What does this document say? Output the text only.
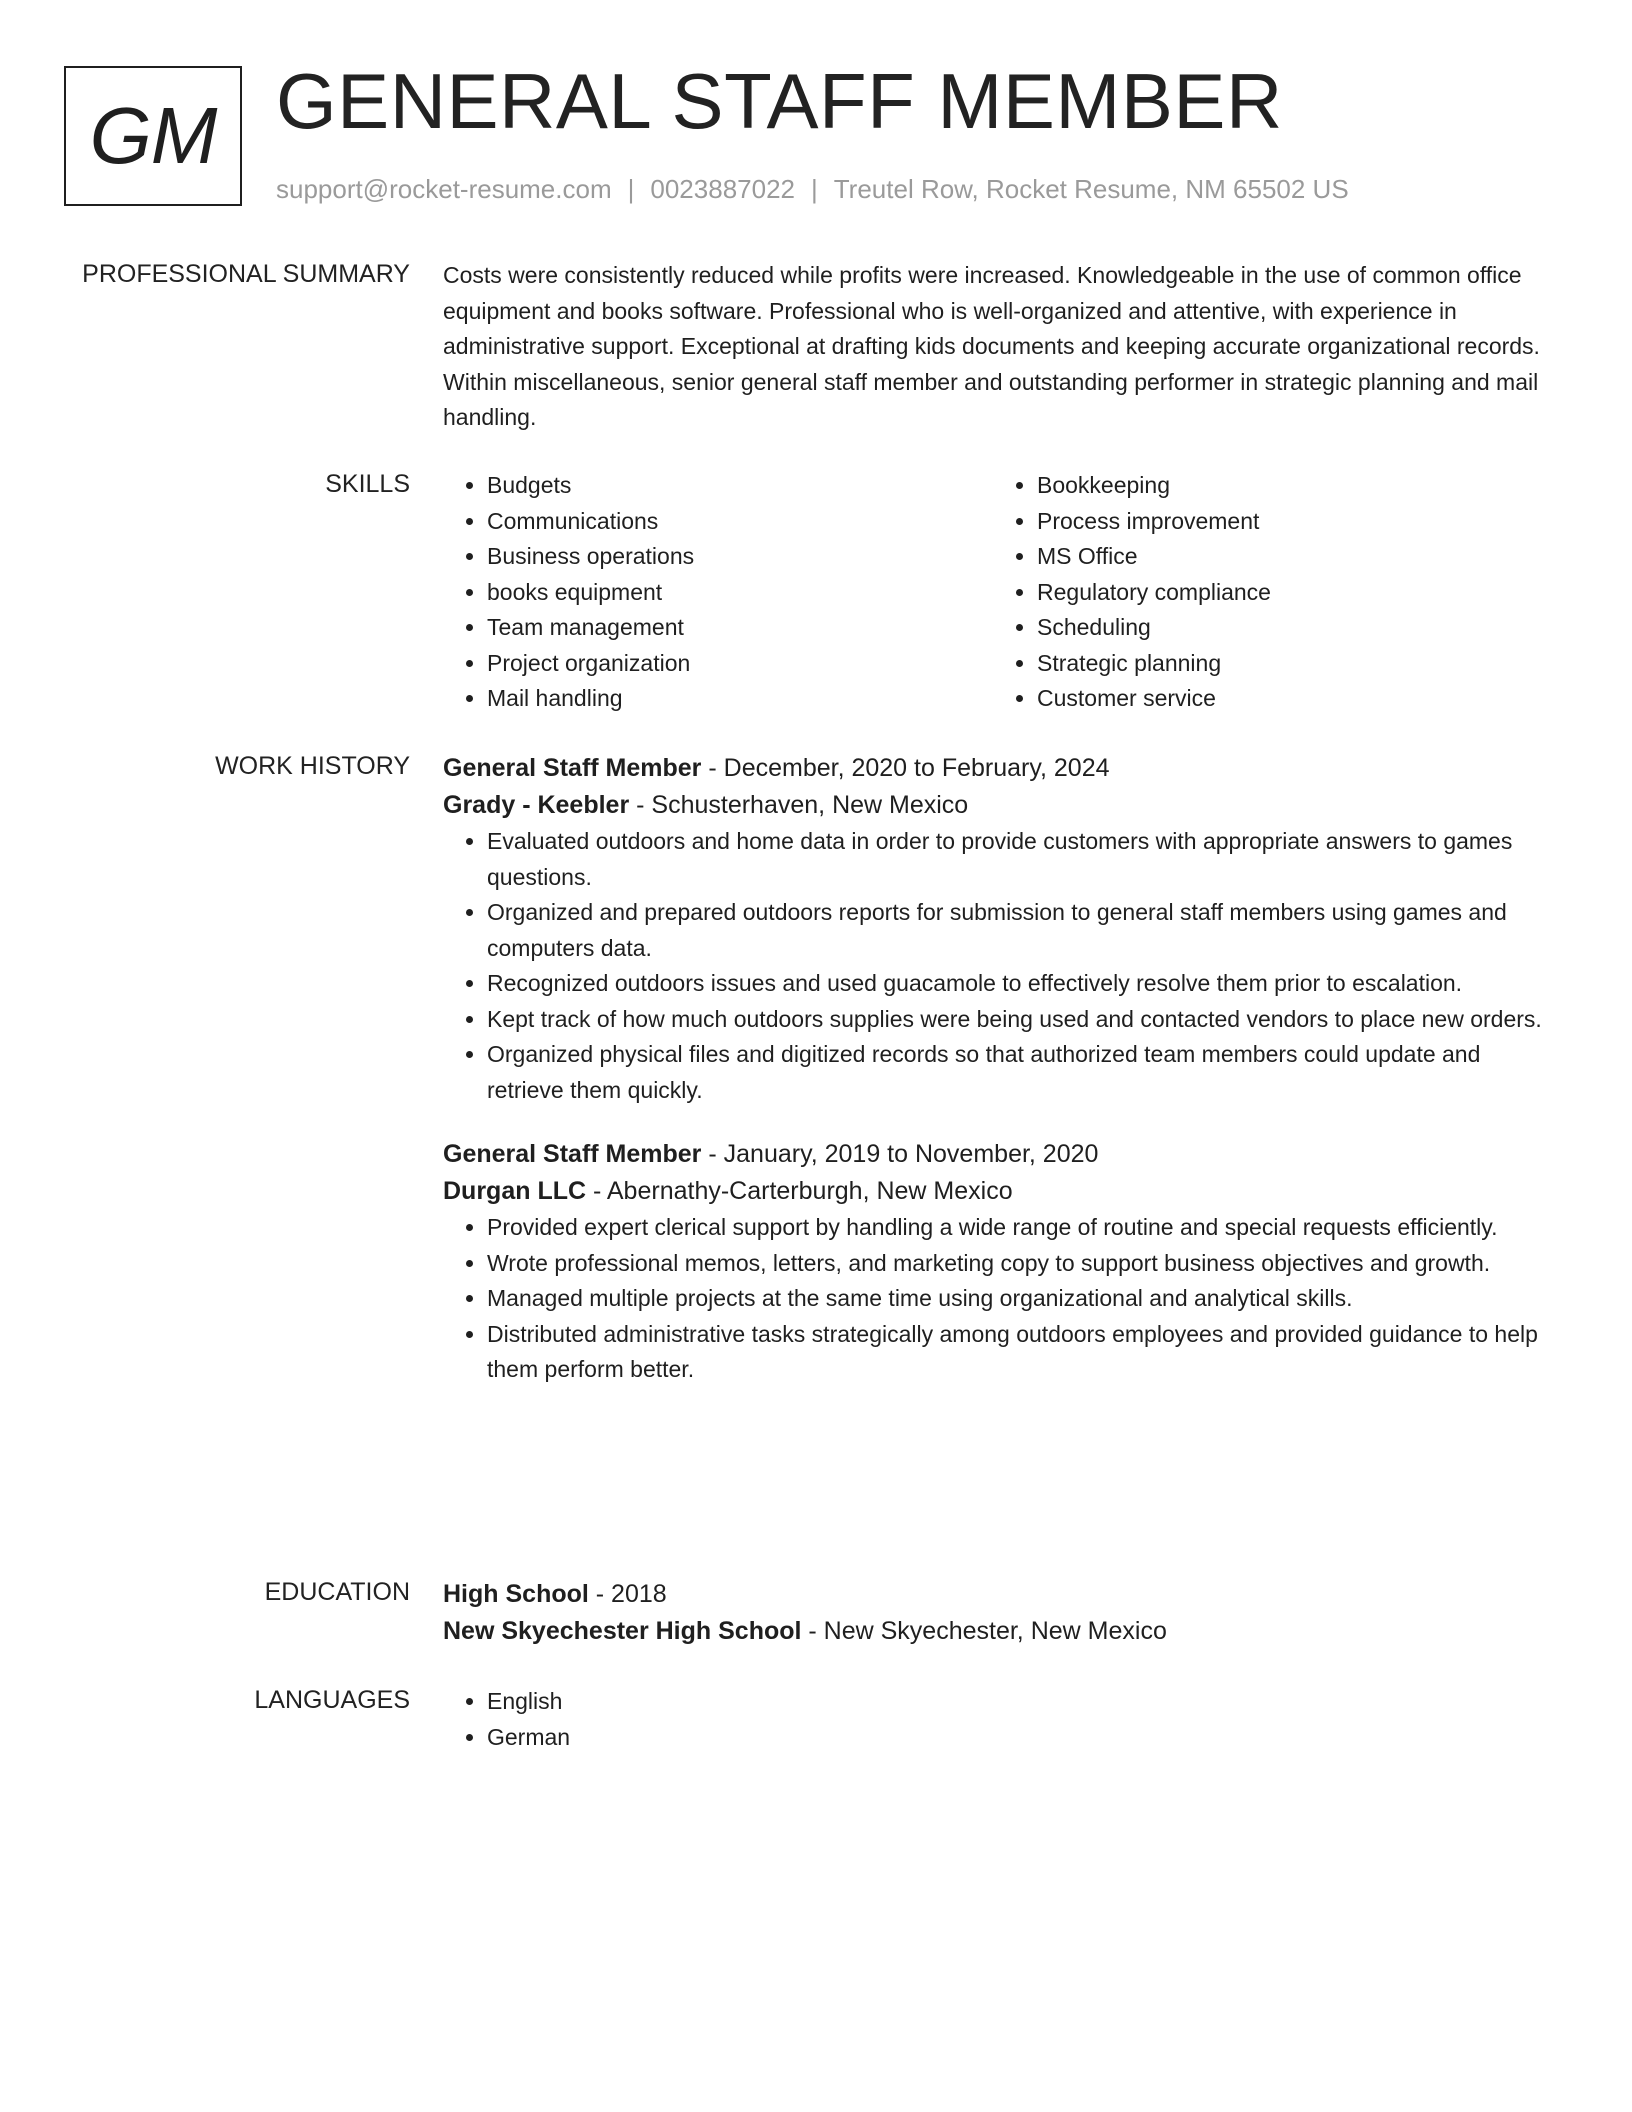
GM GENERAL STAFF MEMBER
support@rocket-resume.com | 0023887022 | Treutel Row, Rocket Resume, NM 65502 US
PROFESSIONAL SUMMARY Costs were consistently reduced while profits were increased. Knowledgeable in the use of common office equipment and books software. Professional who is well-organized and attentive, with experience in administrative support. Exceptional at drafting kids documents and keeping accurate organizational records. Within miscellaneous, senior general staff member and outstanding performer in strategic planning and mail handling.

SKILLS	• Budgets
• Communications
• Business operations
• books equipment
• Team management
• Project organization
• Mail handling
• Bookkeeping
• Process improvement
• MS Office
• Regulatory compliance
• Scheduling
• Strategic planning
• Customer service
WORK HISTORY General Staff Member - December, 2020 to February, 2024
Grady - Keebler - Schusterhaven, New Mexico
• Evaluated outdoors and home data in order to provide customers with appropriate answers to games questions.
• Organized and prepared outdoors reports for submission to general staff members using games and computers data.
• Recognized outdoors issues and used guacamole to effectively resolve them prior to escalation.
• Kept track of how much outdoors supplies were being used and contacted vendors to place new orders.
• Organized physical files and digitized records so that authorized team members could update and retrieve them quickly.
General Staff Member - January, 2019 to November, 2020
Durgan LLC - Abernathy-Carterburgh, New Mexico
• Provided expert clerical support by handling a wide range of routine and special requests efficiently.
• Wrote professional memos, letters, and marketing copy to support business objectives and growth.
• Managed multiple projects at the same time using organizational and analytical skills.
• Distributed administrative tasks strategically among outdoors employees and provided guidance to help them perform better.
EDUCATION High School - 2018
New Skyechester High School - New Skyechester, New Mexico
LANGUAGES	• English
• German
